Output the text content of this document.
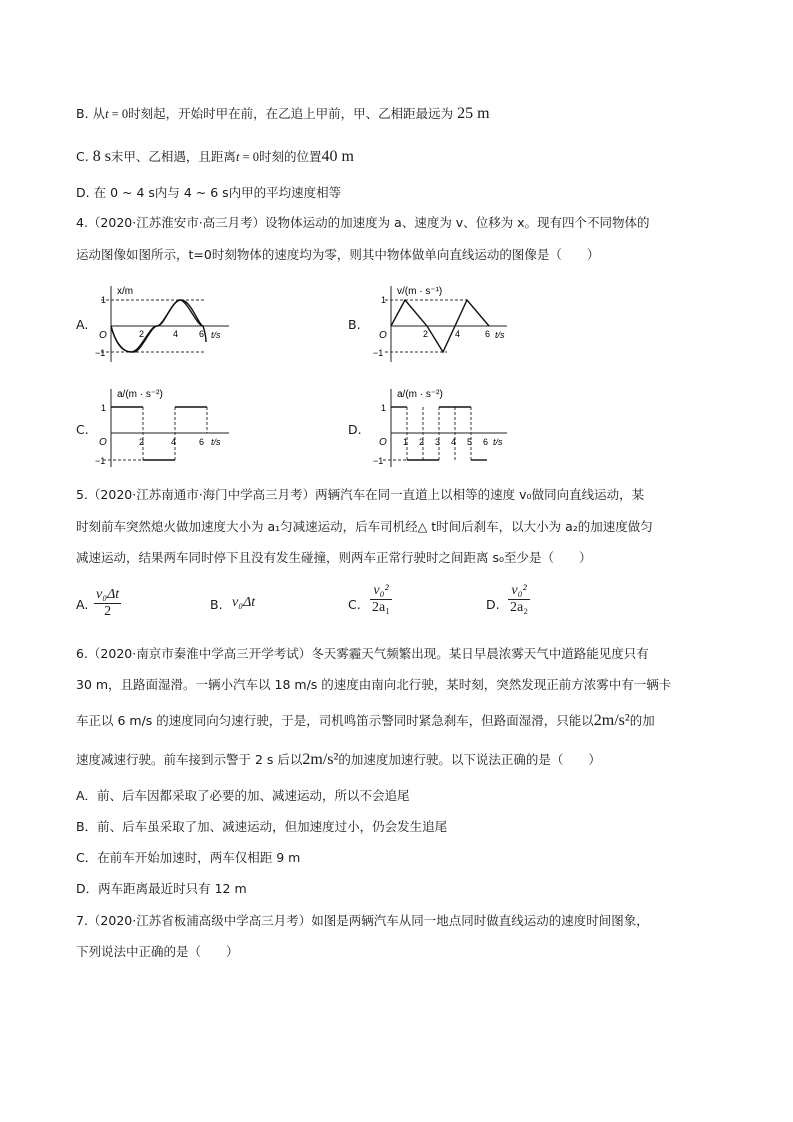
B. 从t = 0时刻起，开始时甲在前，在乙追上甲前，甲、乙相距最远为 25 m
C. 8 s末甲、乙相遇，且距离t = 0时刻的位置40 m
D. 在 0 ~ 4 s内与 4 ~ 6 s内甲的平均速度相等
4.（2020·江苏淮安市·高三月考）设物体运动的加速度为 a、速度为 v、位移为 x。现有四个不同物体的
运动图像如图所示，t=0时刻物体的速度均为零，则其中物体做单向直线运动的图像是（　　）
A.
x/m
t/s
O
1
−1
2	4 6
B.
v/(m · s⁻¹)
t/s
O
1
−1
2	4	6
C.
a/(m · s⁻²)
t/s
O
1
−1
2	4	6
D.
a/(m · s⁻²)
t/s
O
1
−1
1 2 3 4 5 6
5.（2020·江苏南通市·海门中学高三月考）两辆汽车在同一直道上以相等的速度 v₀做同向直线运动，某
时刻前车突然熄火做加速度大小为 a₁匀减速运动，后车司机经△ t时间后刹车，以大小为 a₂的加速度做匀
减速运动，结果两车同时停下且没有发生碰撞，则两车正常行驶时之间距离 s₀至少是（　　）
A. $\frac{\text{v₀Δt}}{2}$	B. v₀Δt	C. $\frac{\text{v₀²}}{\text{2a₁}}$	D. $\frac{\text{v₀²}}{\text{2a₂}}$
6.（2020·南京市秦淮中学高三开学考试）冬天雾霾天气频繁出现。某日早晨浓雾天气中道路能见度只有
30 m，且路面湿滑。一辆小汽车以 18 m/s 的速度由南向北行驶，某时刻，突然发现正前方浓雾中有一辆卡
车正以 6 m/s 的速度同向匀速行驶，于是，司机鸣笛示警同时紧急刹车，但路面湿滑，只能以2m/s²的加
速度减速行驶。前车接到示警于 2 s 后以2m/s²的加速度加速行驶。以下说法正确的是（　　）
A．前、后车因都采取了必要的加、减速运动，所以不会追尾
B．前、后车虽采取了加、减速运动，但加速度过小，仍会发生追尾
C．在前车开始加速时，两车仅相距 9 m
D．两车距离最近时只有 12 m
7.（2020·江苏省板浦高级中学高三月考）如图是两辆汽车从同一地点同时做直线运动的速度时间图象，
下列说法中正确的是（　　）
